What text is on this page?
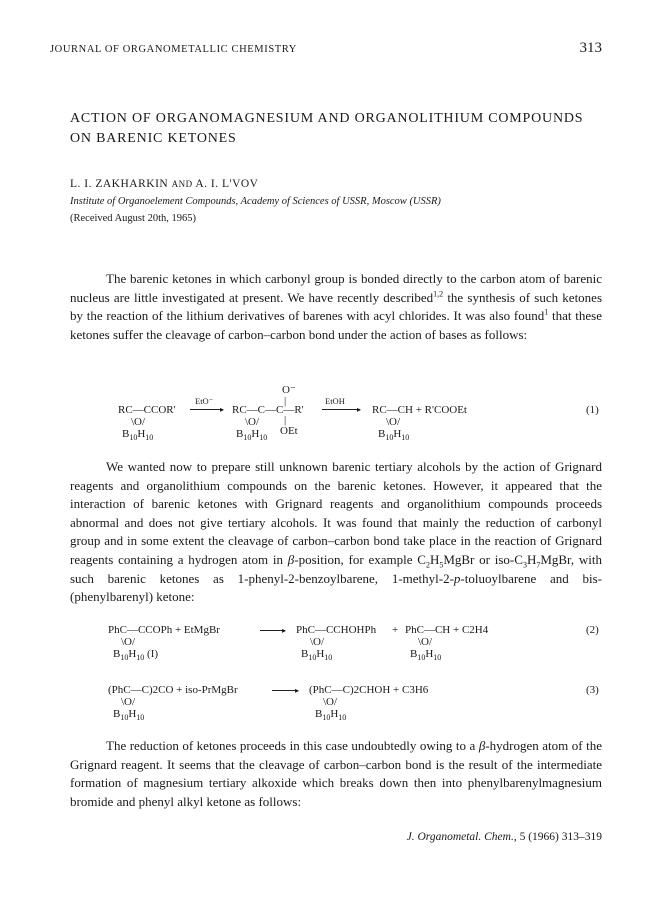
JOURNAL OF ORGANOMETALLIC CHEMISTRY	313
ACTION OF ORGANOMAGNESIUM AND ORGANOLITHIUM COMPOUNDS
ON BARENIC KETONES
L. I. ZAKHARKIN AND A. I. L'VOV
Institute of Organoelement Compounds, Academy of Sciences of USSR, Moscow (USSR)
(Received August 20th, 1965)

The barenic ketones in which carbonyl group is bonded directly to the carbon atom of barenic nucleus are little investigated at present. We have recently described$^{1,2}$ the synthesis of such ketones by the reaction of the lithium derivatives of barenes with acyl chlorides. It was also found$^1$ that these ketones suffer the cleavage of carbon–carbon bond under the action of bases as follows:

RC—CCOR'
\O/
$B_{10}H_{10}$
EtO⁻
▸
O⁻
|
RC—C—C—R'
\O/ |
OEt
$B_{10}H_{10}$
EtOH
▸ RC—CH + R'COOEt
\O/
$B_{10}H_{10}$
(1)

We wanted now to prepare still unknown barenic tertiary alcohols by the action of Grignard reagents and organolithium compounds on the barenic ketones. However, it appeared that the interaction of barenic ketones with Grignard reagents and organolithium compounds proceeds abnormal and does not give tertiary alcohols. It was found that mainly the reduction of carbonyl group and in some extent the cleavage of carbon–carbon bond take place in the reaction of Grignard reagents containing a hydrogen atom in β-position, for example $C_2H_5MgBr$ or iso-$C_3H_7MgBr$, with such barenic ketones as 1-phenyl-2-benzoylbarene, 1-methyl-2-p-toluoylbarene and bis-(phenylbarenyl) ketone:

PhC—CCOPh + EtMgBr
\O/
$B_{10}H_{10}$ (I)
▸ PhC—CCHOHPh
\O/
$B_{10}H_{10}$
+ PhC—CH + C2H4
\O/
$B_{10}H_{10}$
(2)
(PhC—C)2CO + iso-PrMgBr
\O/
$B_{10}H_{10}$
▸ (PhC—C)2CHOH + C3H6
\O/
$B_{10}H_{10}$
(3)

The reduction of ketones proceeds in this case undoubtedly owing to a β-hydrogen atom of the Grignard reagent. It seems that the cleavage of carbon–carbon bond is the result of the intermediate formation of magnesium tertiary alkoxide which breaks down then into phenylbarenylmagnesium bromide and phenyl alkyl ketone as follows:

J. Organometal. Chem., 5 (1966) 313–319
